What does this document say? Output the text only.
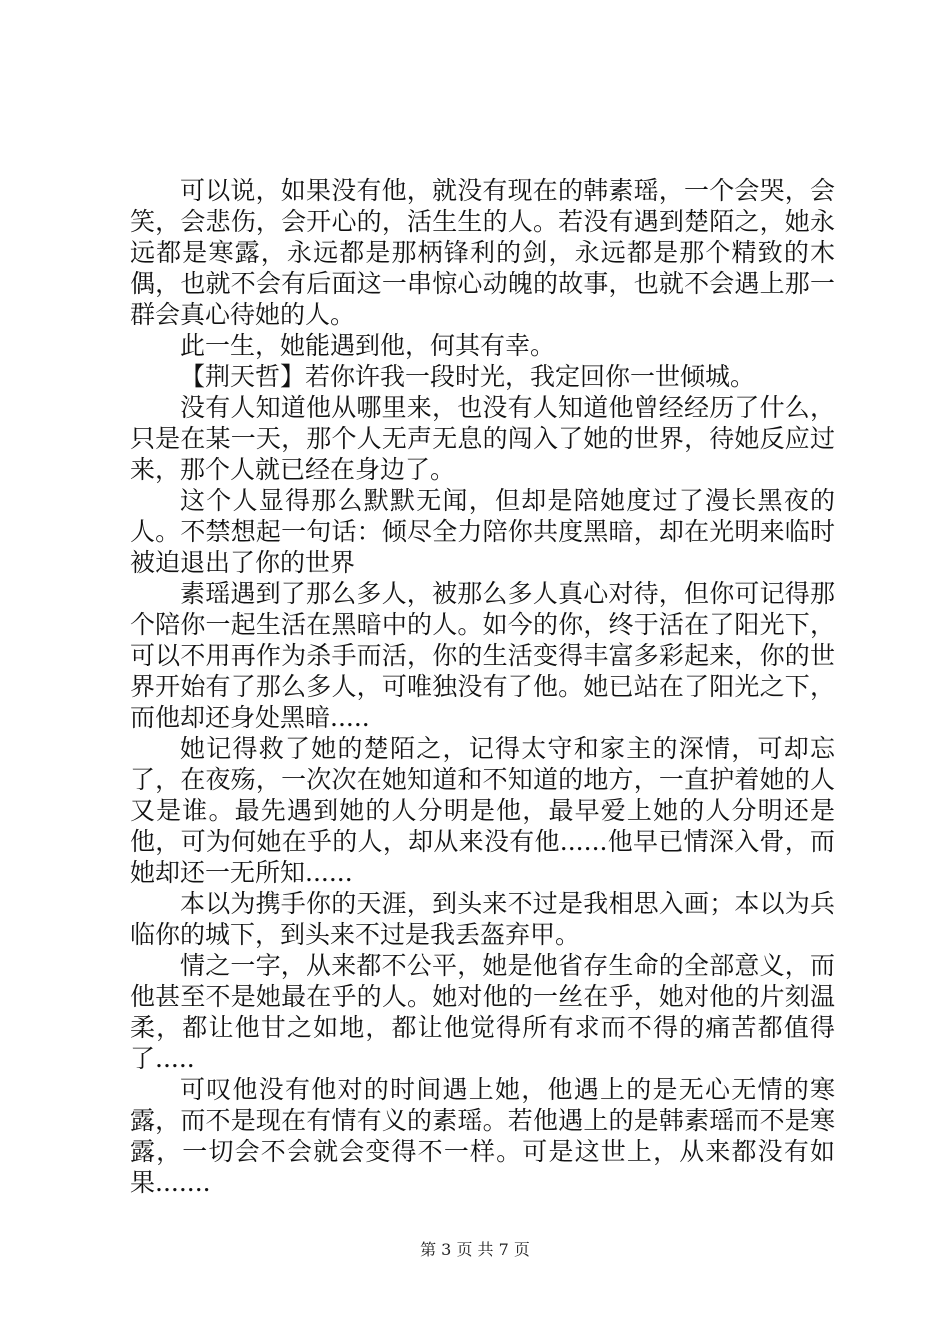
可以说，如果没有他，就没有现在的韩素瑶，一个会哭，会笑，会悲伤，会开心的，活生生的人。若没有遇到楚陌之，她永远都是寒露，永远都是那柄锋利的剑，永远都是那个精致的木偶，也就不会有后面这一串惊心动魄的故事，也就不会遇上那一群会真心待她的人。

此一生，她能遇到他，何其有幸。

【荆天哲】若你许我一段时光，我定回你一世倾城。

没有人知道他从哪里来，也没有人知道他曾经经历了什么，只是在某一天，那个人无声无息的闯入了她的世界，待她反应过来，那个人就已经在身边了。

这个人显得那么默默无闻，但却是陪她度过了漫长黑夜的人。不禁想起一句话：倾尽全力陪你共度黑暗，却在光明来临时被迫退出了你的世界

素瑶遇到了那么多人，被那么多人真心对待，但你可记得那个陪你一起生活在黑暗中的人。如今的你，终于活在了阳光下，可以不用再作为杀手而活，你的生活变得丰富多彩起来，你的世界开始有了那么多人，可唯独没有了他。她已站在了阳光之下，而他却还身处黑暗.....

她记得救了她的楚陌之，记得太守和家主的深情，可却忘了，在夜殇，一次次在她知道和不知道的地方，一直护着她的人又是谁。最先遇到她的人分明是他，最早爱上她的人分明还是他，可为何她在乎的人，却从来没有他......他早已情深入骨，而她却还一无所知......

本以为携手你的天涯，到头来不过是我相思入画；本以为兵临你的城下，到头来不过是我丢盔弃甲。

情之一字，从来都不公平，她是他省存生命的全部意义，而他甚至不是她最在乎的人。她对他的一丝在乎，她对他的片刻温柔，都让他甘之如地，都让他觉得所有求而不得的痛苦都值得了.....

可叹他没有他对的时间遇上她，他遇上的是无心无情的寒露，而不是现在有情有义的素瑶。若他遇上的是韩素瑶而不是寒露，一切会不会就会变得不一样。可是这世上，从来都没有如果.......

第 3 页 共 7 页
